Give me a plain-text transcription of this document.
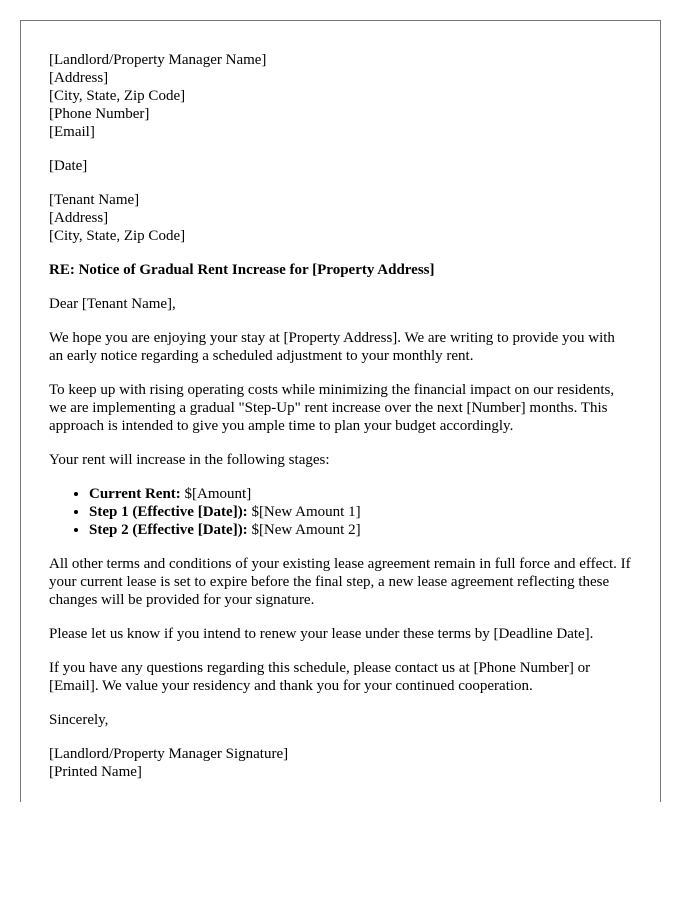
[Landlord/Property Manager Name]
[Address]
[City, State, Zip Code]
[Phone Number]
[Email]
[Date]
[Tenant Name]
[Address]
[City, State, Zip Code]
RE: Notice of Gradual Rent Increase for [Property Address]

Dear [Tenant Name],

We hope you are enjoying your stay at [Property Address]. We are writing to provide you with an early notice regarding a scheduled adjustment to your monthly rent.

To keep up with rising operating costs while minimizing the financial impact on our residents, we are implementing a gradual "Step-Up" rent increase over the next [Number] months. This approach is intended to give you ample time to plan your budget accordingly.

Your rent will increase in the following stages:

• Current Rent: $[Amount]
• Step 1 (Effective [Date]): $[New Amount 1]
• Step 2 (Effective [Date]): $[New Amount 2]

All other terms and conditions of your existing lease agreement remain in full force and effect. If your current lease is set to expire before the final step, a new lease agreement reflecting these changes will be provided for your signature.

Please let us know if you intend to renew your lease under these terms by [Deadline Date].

If you have any questions regarding this schedule, please contact us at [Phone Number] or [Email]. We value your residency and thank you for your continued cooperation.

Sincerely,

[Landlord/Property Manager Signature]
[Printed Name]
